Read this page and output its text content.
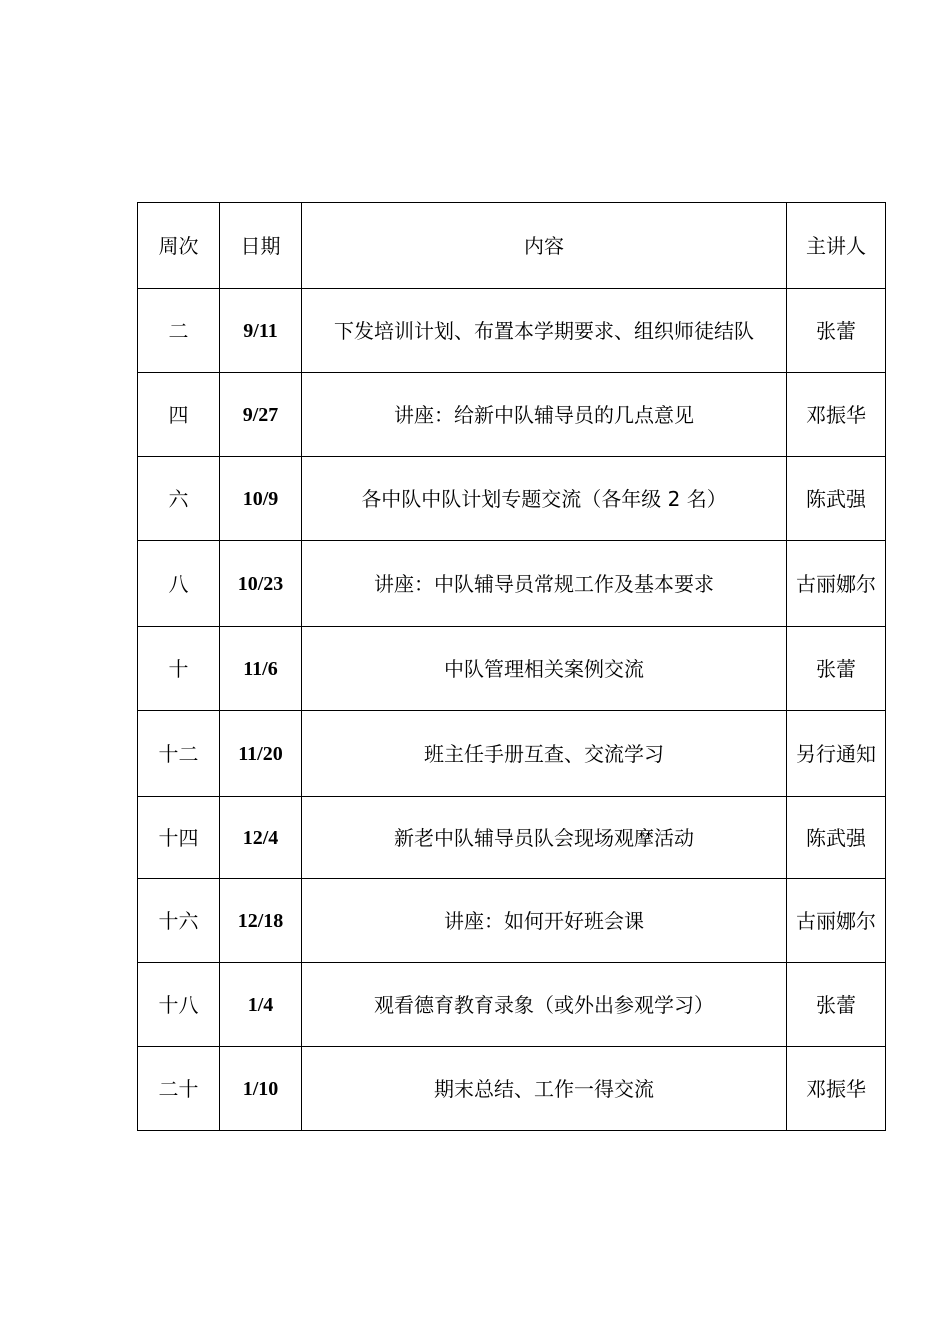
周次	日期	内容	主讲人
二	9/11	下发培训计划、布置本学期要求、组织师徒结队	张蕾
四	9/27	讲座：给新中队辅导员的几点意见	邓振华
六	10/9	各中队中队计划专题交流（各年级 2 名）	陈武强
八	10/23	讲座：中队辅导员常规工作及基本要求	古丽娜尔
十	11/6	中队管理相关案例交流	张蕾
十二	11/20	班主任手册互查、交流学习	另行通知
十四	12/4	新老中队辅导员队会现场观摩活动	陈武强
十六	12/18	讲座：如何开好班会课	古丽娜尔
十八	1/4	观看德育教育录象（或外出参观学习）	张蕾
二十	1/10	期末总结、工作一得交流	邓振华
